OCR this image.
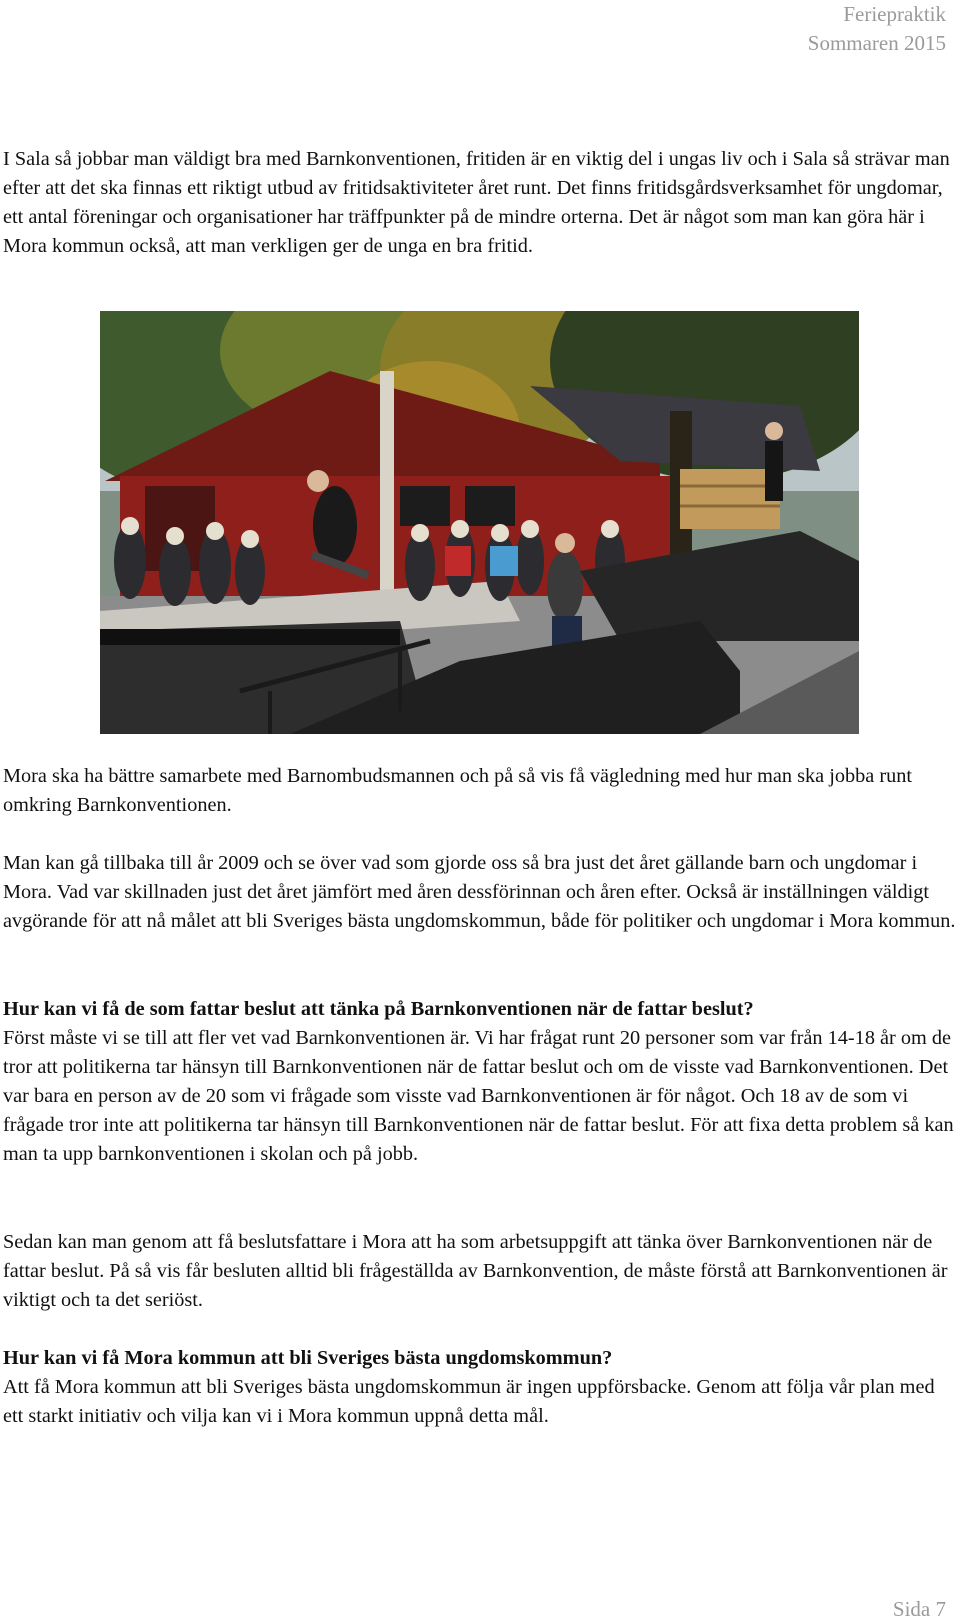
Feriepraktik
Sommaren 2015

I Sala så jobbar man väldigt bra med Barnkonventionen, fritiden är en viktig del i ungas liv och i Sala så strävar man efter att det ska finnas ett riktigt utbud av fritidsaktiviteter året runt. Det finns fritidsgårdsverksamhet för ungdomar, ett antal föreningar och organisationer har träffpunkter på de mindre orterna. Det är något som man kan göra här i Mora kommun också, att man verkligen ger de unga en bra fritid.

Mora ska ha bättre samarbete med Barnombudsmannen och på så vis få vägledning med hur man ska jobba runt omkring Barnkonventionen.

Man kan gå tillbaka till år 2009 och se över vad som gjorde oss så bra just det året gällande barn och ungdomar i Mora. Vad var skillnaden just det året jämfört med åren dessförinnan och åren efter. Också är inställningen väldigt avgörande för att nå målet att bli Sveriges bästa ungdomskommun, både för politiker och ungdomar i Mora kommun.

Hur kan vi få de som fattar beslut att tänka på Barnkonventionen när de fattar beslut?

Först måste vi se till att fler vet vad Barnkonventionen är. Vi har frågat runt 20 personer som var från 14-18 år om de tror att politikerna tar hänsyn till Barnkonventionen när de fattar beslut och om de visste vad Barnkonventionen. Det var bara en person av de 20 som vi frågade som visste vad Barnkonventionen är för något. Och 18 av de som vi frågade tror inte att politikerna tar hänsyn till Barnkonventionen när de fattar beslut. För att fixa detta problem så kan man ta upp barnkonventionen i skolan och på jobb.

Sedan kan man genom att få beslutsfattare i Mora att ha som arbetsuppgift att tänka över Barnkonventionen när de fattar beslut. På så vis får besluten alltid bli frågeställda av Barnkonvention, de måste förstå att Barnkonventionen är viktigt och ta det seriöst.

Hur kan vi få Mora kommun att bli Sveriges bästa ungdomskommun?

Att få Mora kommun att bli Sveriges bästa ungdomskommun är ingen uppförsbacke. Genom att följa vår plan med ett starkt initiativ och vilja kan vi i Mora kommun uppnå detta mål.

Sida 7
